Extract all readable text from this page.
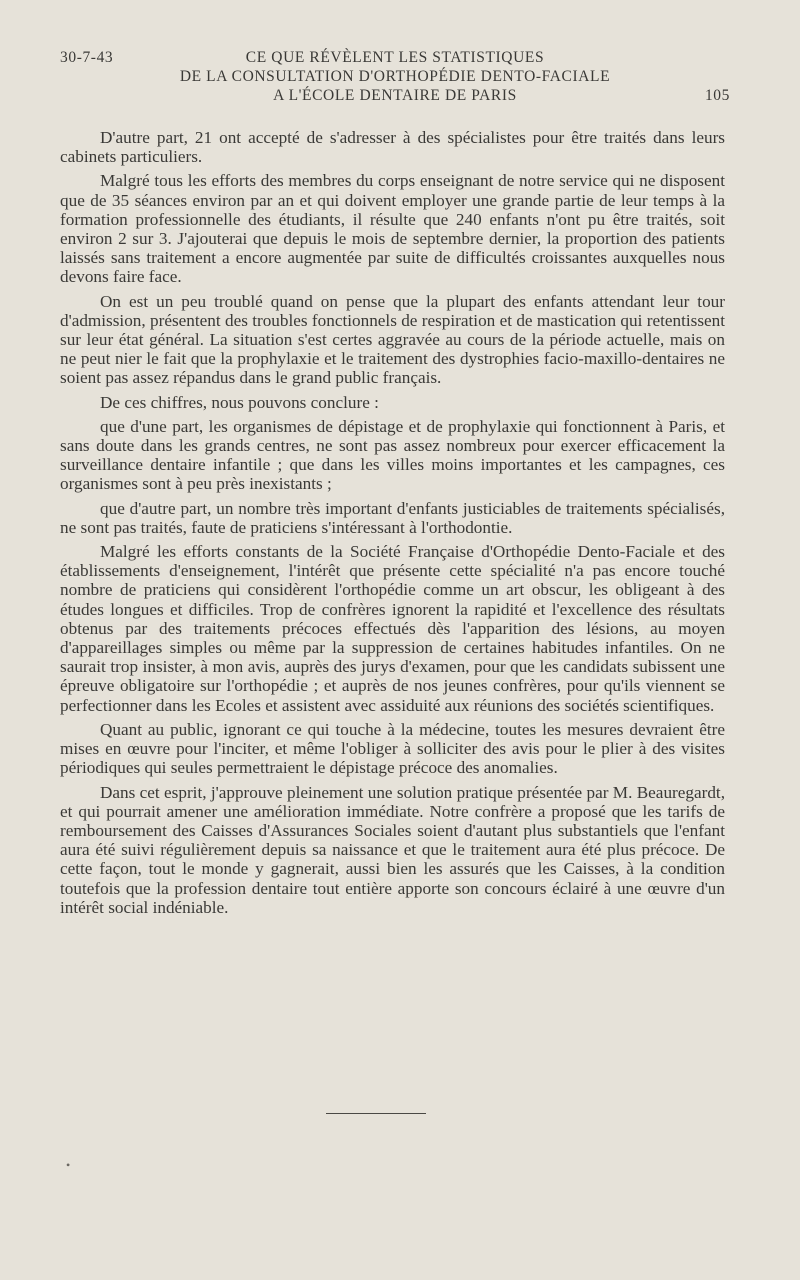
30-7-43	CE QUE RÉVÈLENT LES STATISTIQUES
DE LA CONSULTATION D'ORTHOPÉDIE DENTO-FACIALE
A L'ÉCOLE DENTAIRE DE PARIS	105

D'autre part, 21 ont accepté de s'adresser à des spécialistes pour être traités dans leurs cabinets particuliers.

Malgré tous les efforts des membres du corps enseignant de notre service qui ne disposent que de 35 séances environ par an et qui doivent employer une grande partie de leur temps à la formation professionnelle des étudiants, il résulte que 240 enfants n'ont pu être traités, soit environ 2 sur 3. J'ajouterai que depuis le mois de septembre dernier, la proportion des patients laissés sans traitement a encore augmentée par suite de difficultés croissantes auxquelles nous devons faire face.

On est un peu troublé quand on pense que la plupart des enfants attendant leur tour d'admission, présentent des troubles fonctionnels de respiration et de mastication qui retentissent sur leur état général. La situation s'est certes aggravée au cours de la période actuelle, mais on ne peut nier le fait que la prophylaxie et le traitement des dystrophies facio-maxillo-dentaires ne soient pas assez répandus dans le grand public français.

De ces chiffres, nous pouvons conclure :

que d'une part, les organismes de dépistage et de prophylaxie qui fonctionnent à Paris, et sans doute dans les grands centres, ne sont pas assez nombreux pour exercer efficacement la surveillance dentaire infantile ; que dans les villes moins importantes et les campagnes, ces organismes sont à peu près inexistants ;

que d'autre part, un nombre très important d'enfants justiciables de traitements spécialisés, ne sont pas traités, faute de praticiens s'intéressant à l'orthodontie.

Malgré les efforts constants de la Société Française d'Orthopédie Dento-Faciale et des établissements d'enseignement, l'intérêt que présente cette spécialité n'a pas encore touché nombre de praticiens qui considèrent l'orthopédie comme un art obscur, les obligeant à des études longues et difficiles. Trop de confrères ignorent la rapidité et l'excellence des résultats obtenus par des traitements précoces effectués dès l'apparition des lésions, au moyen d'appareillages simples ou même par la suppression de certaines habitudes infantiles. On ne saurait trop insister, à mon avis, auprès des jurys d'examen, pour que les candidats subissent une épreuve obligatoire sur l'orthopédie ; et auprès de nos jeunes confrères, pour qu'ils viennent se perfectionner dans les Ecoles et assistent avec assiduité aux réunions des sociétés scientifiques.

Quant au public, ignorant ce qui touche à la médecine, toutes les mesures devraient être mises en œuvre pour l'inciter, et même l'obliger à solliciter des avis pour le plier à des visites périodiques qui seules permettraient le dépistage précoce des anomalies.

Dans cet esprit, j'approuve pleinement une solution pratique présentée par M. Beauregardt, et qui pourrait amener une amélioration immédiate. Notre confrère a proposé que les tarifs de remboursement des Caisses d'Assurances Sociales soient d'autant plus substantiels que l'enfant aura été suivi régulièrement depuis sa naissance et que le traitement aura été plus précoce. De cette façon, tout le monde y gagnerait, aussi bien les assurés que les Caisses, à la condition toutefois que la profession dentaire tout entière apporte son concours éclairé à une œuvre d'un intérêt social indéniable.

•
